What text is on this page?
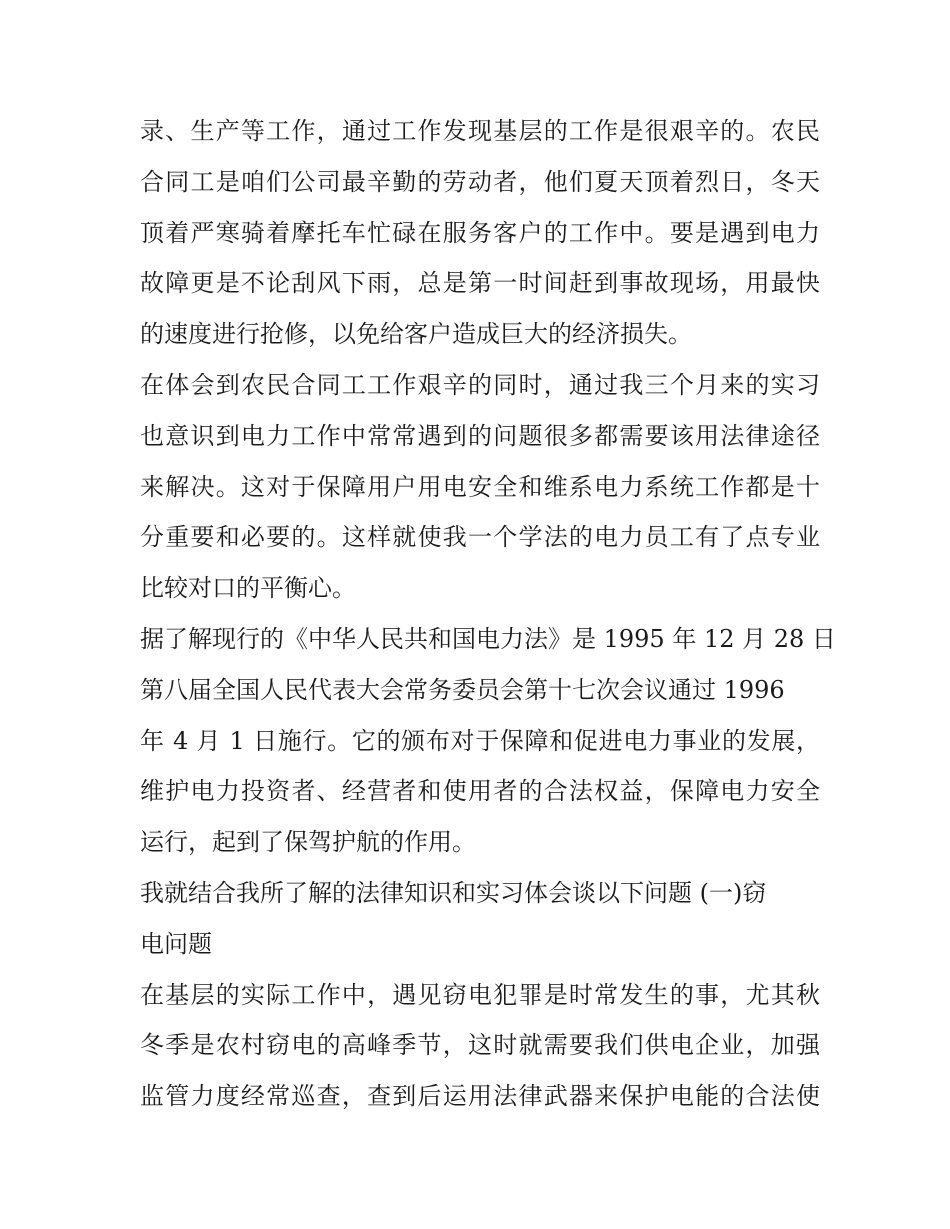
录、生产等工作，通过工作发现基层的工作是很艰辛的。农民
合同工是咱们公司最辛勤的劳动者，他们夏天顶着烈日，冬天
顶着严寒骑着摩托车忙碌在服务客户的工作中。要是遇到电力
故障更是不论刮风下雨，总是第一时间赶到事故现场，用最快
的速度进行抢修，以免给客户造成巨大的经济损失。
在体会到农民合同工工作艰辛的同时，通过我三个月来的实习
也意识到电力工作中常常遇到的问题很多都需要该用法律途径
来解决。这对于保障用户用电安全和维系电力系统工作都是十
分重要和必要的。这样就使我一个学法的电力员工有了点专业
比较对口的平衡心。
据了解现行的《中华人民共和国电力法》是 1995 年 12 月 28 日
第八届全国人民代表大会常务委员会第十七次会议通过 1996
年 4 月 1 日施行。它的颁布对于保障和促进电力事业的发展，
维护电力投资者、经营者和使用者的合法权益，保障电力安全
运行，起到了保驾护航的作用。
我就结合我所了解的法律知识和实习体会谈以下问题 (一)窃
电问题
在基层的实际工作中，遇见窃电犯罪是时常发生的事，尤其秋
冬季是农村窃电的高峰季节，这时就需要我们供电企业，加强
监管力度经常巡查，查到后运用法律武器来保护电能的合法使
